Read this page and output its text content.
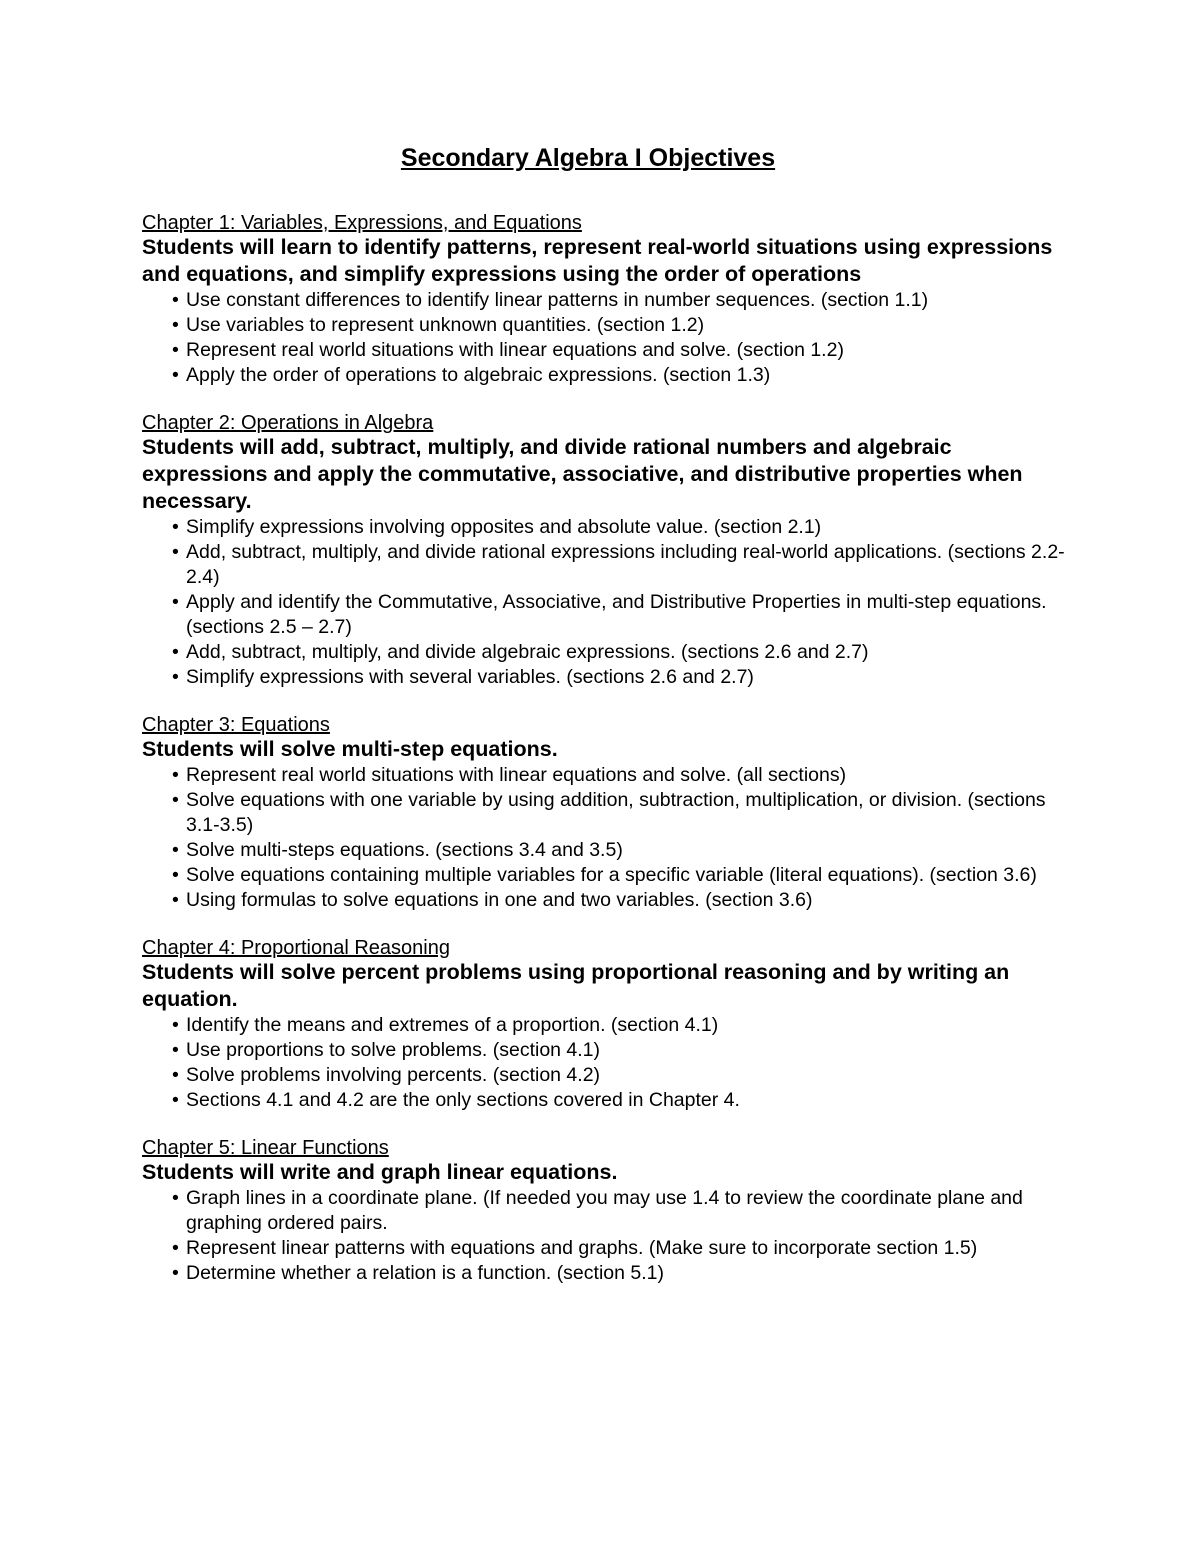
Secondary Algebra I Objectives
Chapter 1: Variables, Expressions, and Equations
Students will learn to identify patterns, represent real-world situations using expressions and equations, and simplify expressions using the order of operations
• Use constant differences to identify linear patterns in number sequences. (section 1.1)
• Use variables to represent unknown quantities. (section 1.2)
• Represent real world situations with linear equations and solve. (section 1.2)
• Apply the order of operations to algebraic expressions. (section 1.3)
Chapter 2: Operations in Algebra
Students will add, subtract, multiply, and divide rational numbers and algebraic expressions and apply the commutative, associative, and distributive properties when necessary.
• Simplify expressions involving opposites and absolute value. (section 2.1)
• Add, subtract, multiply, and divide rational expressions including real-world applications. (sections 2.2-2.4)
• Apply and identify the Commutative, Associative, and Distributive Properties in multi-step equations. (sections 2.5 – 2.7)
• Add, subtract, multiply, and divide algebraic expressions. (sections 2.6 and 2.7)
• Simplify expressions with several variables. (sections 2.6 and 2.7)
Chapter 3: Equations
Students will solve multi-step equations.
• Represent real world situations with linear equations and solve. (all sections)
• Solve equations with one variable by using addition, subtraction, multiplication, or division. (sections 3.1-3.5)
• Solve multi-steps equations. (sections 3.4 and 3.5)
• Solve equations containing multiple variables for a specific variable (literal equations). (section 3.6)
• Using formulas to solve equations in one and two variables. (section 3.6)
Chapter 4: Proportional Reasoning
Students will solve percent problems using proportional reasoning and by writing an equation.
• Identify the means and extremes of a proportion. (section 4.1)
• Use proportions to solve problems. (section 4.1)
• Solve problems involving percents. (section 4.2)
• Sections 4.1 and 4.2 are the only sections covered in Chapter 4.
Chapter 5: Linear Functions
Students will write and graph linear equations.
• Graph lines in a coordinate plane. (If needed you may use 1.4 to review the coordinate plane and graphing ordered pairs.
• Represent linear patterns with equations and graphs. (Make sure to incorporate section 1.5)
• Determine whether a relation is a function. (section 5.1)
